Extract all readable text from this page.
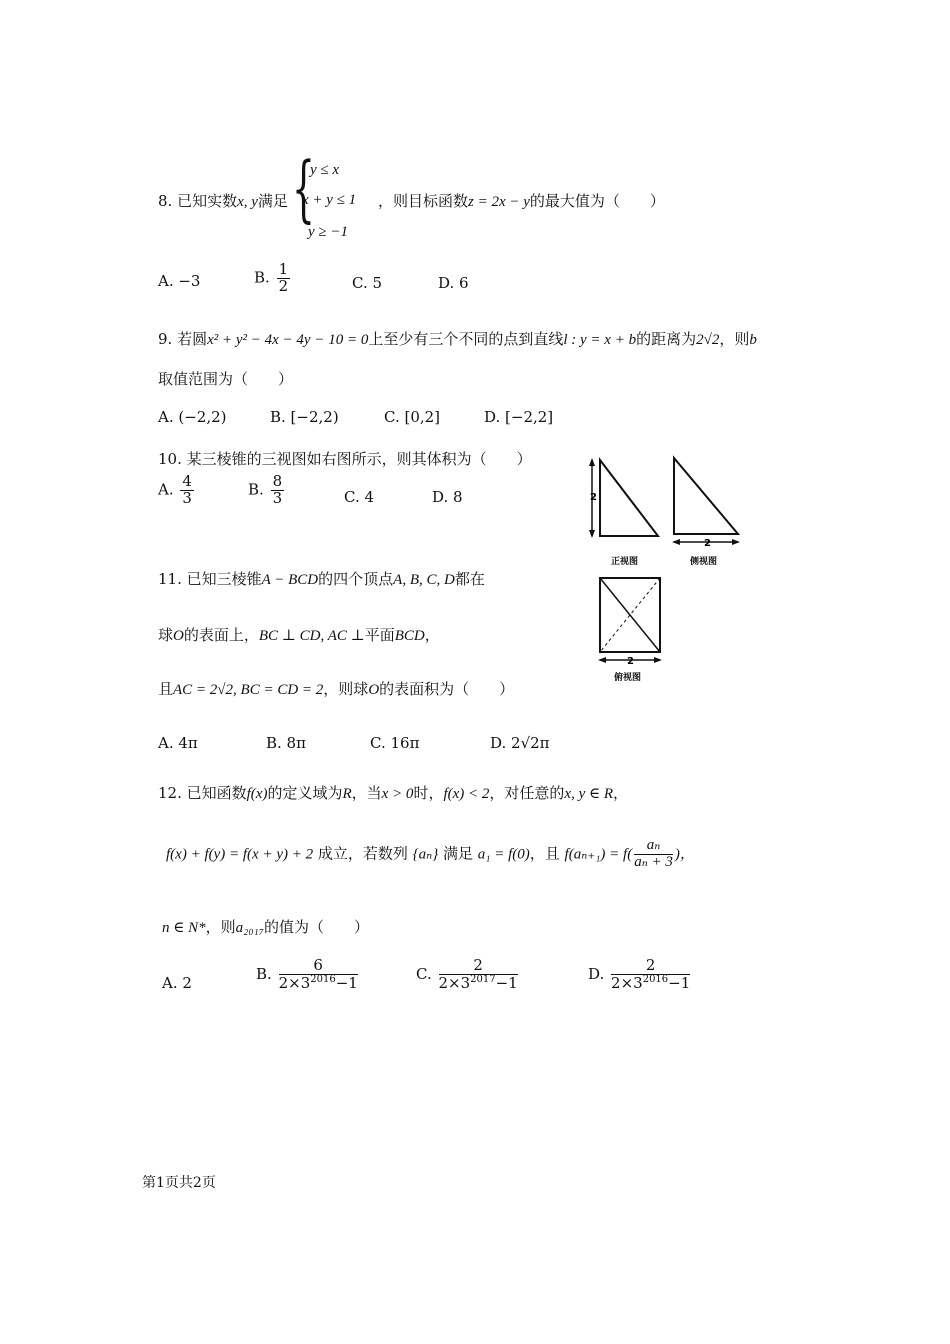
8. 已知实数x, y满足 {
y ≤ x
x + y ≤ 1
y ≥ −1
，则目标函数z = 2x − y的最大值为（　　）
A. −3	B. $\frac{1}{2}$	C. 5	D. 6
9. 若圆x² + y² − 4x − 4y − 10 = 0上至少有三个不同的点到直线l : y = x + b的距离为2√2，则b
取值范围为（　　）
A. (−2,2)	B. [−2,2)	C. [0,2]	D. [−2,2]
10. 某三棱锥的三视图如右图所示，则其体积为（　　）
A. $\frac{4}{3}$	B. $\frac{8}{3}$	C. 4	D. 8	2
2
2
正视图	侧视图
俯视图
11. 已知三棱锥A − BCD的四个顶点A, B, C, D都在
球O的表面上，BC ⊥ CD, AC ⊥平面BCD，
且AC = 2√2, BC = CD = 2，则球O的表面积为（　　）
A. 4π	B. 8π	C. 16π	D. 2√2π
12. 已知函数f(x)的定义域为R，当x > 0时，f(x) < 2，对任意的x, y ∈ R，
f(x) + f(y) = f(x + y) + 2 成立，若数列 {aₙ} 满足 a₁ = f(0)，且 $f(a_{n+1}) = f( \frac{\text{aₙ}}{\text{aₙ + 3}}$ )，
n ∈ N*，则a₂₀₁₇的值为（　　）
A. 2
B. $\frac{6}{2\times 3^{2016}-1}$	C. $\frac{2}{2\times 3^{2017}-1}$	D. $\frac{2}{2\times 3^{2016}-1}$
第1页共2页
